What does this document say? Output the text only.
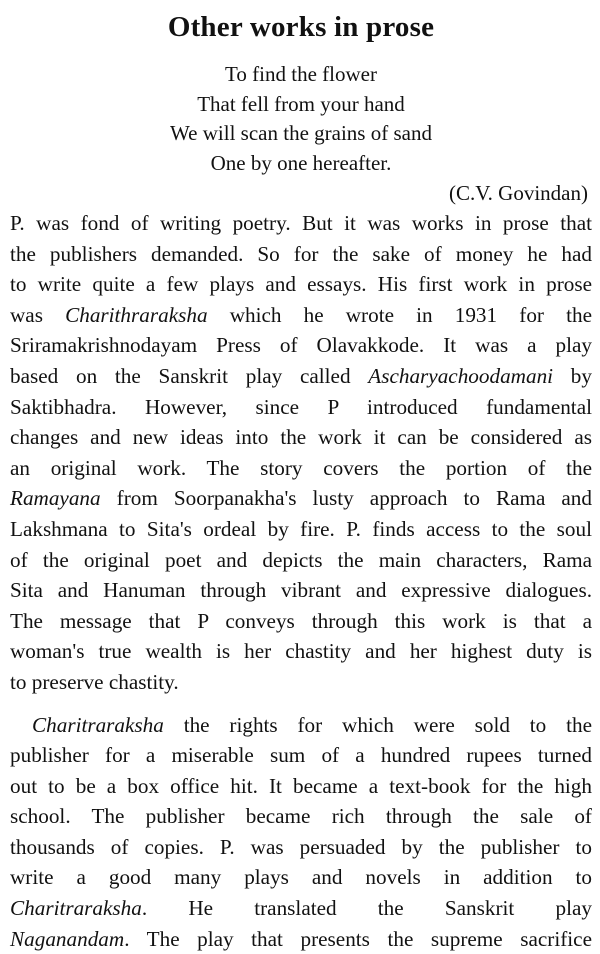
Other works in prose
To find the flower
That fell from your hand
We will scan the grains of sand
One by one hereafter.
(C.V. Govindan)
P. was fond of writing poetry. But it was works in prose that
the publishers demanded. So for the sake of money he had
to write quite a few plays and essays. His first work in prose
was Charithraraksha which he wrote in 1931 for the
Sriramakrishnodayam Press of Olavakkode. It was a play
based on the Sanskrit play called Ascharyachoodamani by
Saktibhadra. However, since P introduced fundamental
changes and new ideas into the work it can be considered as
an original work. The story covers the portion of the
Ramayana from Soorpanakha's lusty approach to Rama and
Lakshmana to Sita's ordeal by fire. P. finds access to the soul
of the original poet and depicts the main characters, Rama
Sita and Hanuman through vibrant and expressive dialogues.
The message that P conveys through this work is that a
woman's true wealth is her chastity and her highest duty is
to preserve chastity.
Charitraraksha the rights for which were sold to the
publisher for a miserable sum of a hundred rupees turned
out to be a box office hit. It became a text-book for the high
school. The publisher became rich through the sale of
thousands of copies. P. was persuaded by the publisher to
write a good many plays and novels in addition to
Charitraraksha. He translated the Sanskrit play
Naganandam. The play that presents the supreme sacrifice
